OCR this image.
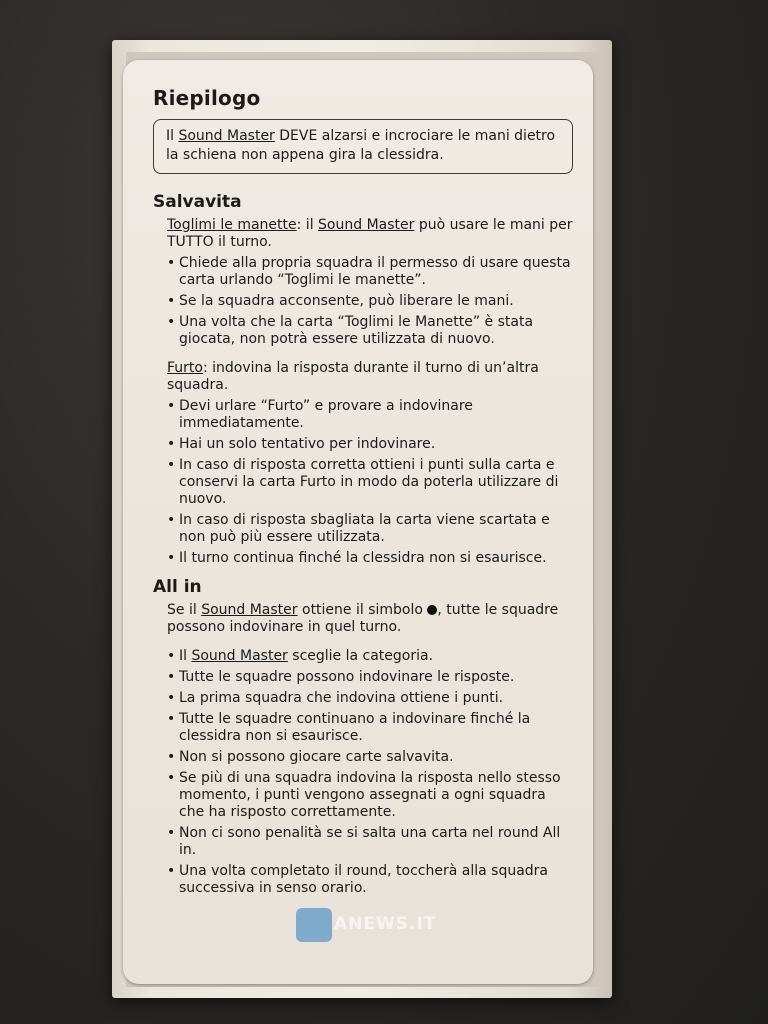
Riepilogo
Il Sound Master DEVE alzarsi e incrociare le mani dietro la schiena non appena gira la clessidra.
Salvavita
Toglimi le manette: il Sound Master può usare le mani per TUTTO il turno.
• Chiede alla propria squadra il permesso di usare questa carta urlando “Toglimi le manette”.
• Se la squadra acconsente, può liberare le mani.
• Una volta che la carta “Toglimi le Manette” è stata giocata, non potrà essere utilizzata di nuovo.
Furto: indovina la risposta durante il turno di un’altra squadra.
• Devi urlare “Furto” e provare a indovinare immediatamente.
• Hai un solo tentativo per indovinare.
• In caso di risposta corretta ottieni i punti sulla carta e conservi la carta Furto in modo da poterla utilizzare di nuovo.
• In caso di risposta sbagliata la carta viene scartata e non può più essere utilizzata.
• Il turno continua finché la clessidra non si esaurisce.
All in
Se il Sound Master ottiene il simbolo , tutte le squadre possono indovinare in quel turno.
• Il Sound Master sceglie la categoria.
• Tutte le squadre possono indovinare le risposte.
• La prima squadra che indovina ottiene i punti.
• Tutte le squadre continuano a indovinare finché la clessidra non si esaurisce.
• Non si possono giocare carte salvavita.
• Se più di una squadra indovina la risposta nello stesso momento, i punti vengono assegnati a ogni squadra che ha risposto correttamente.
• Non ci sono penalità se si salta una carta nel round All in.
• Una volta completato il round, toccherà alla squadra successiva in senso orario.
ANEWS.IT
